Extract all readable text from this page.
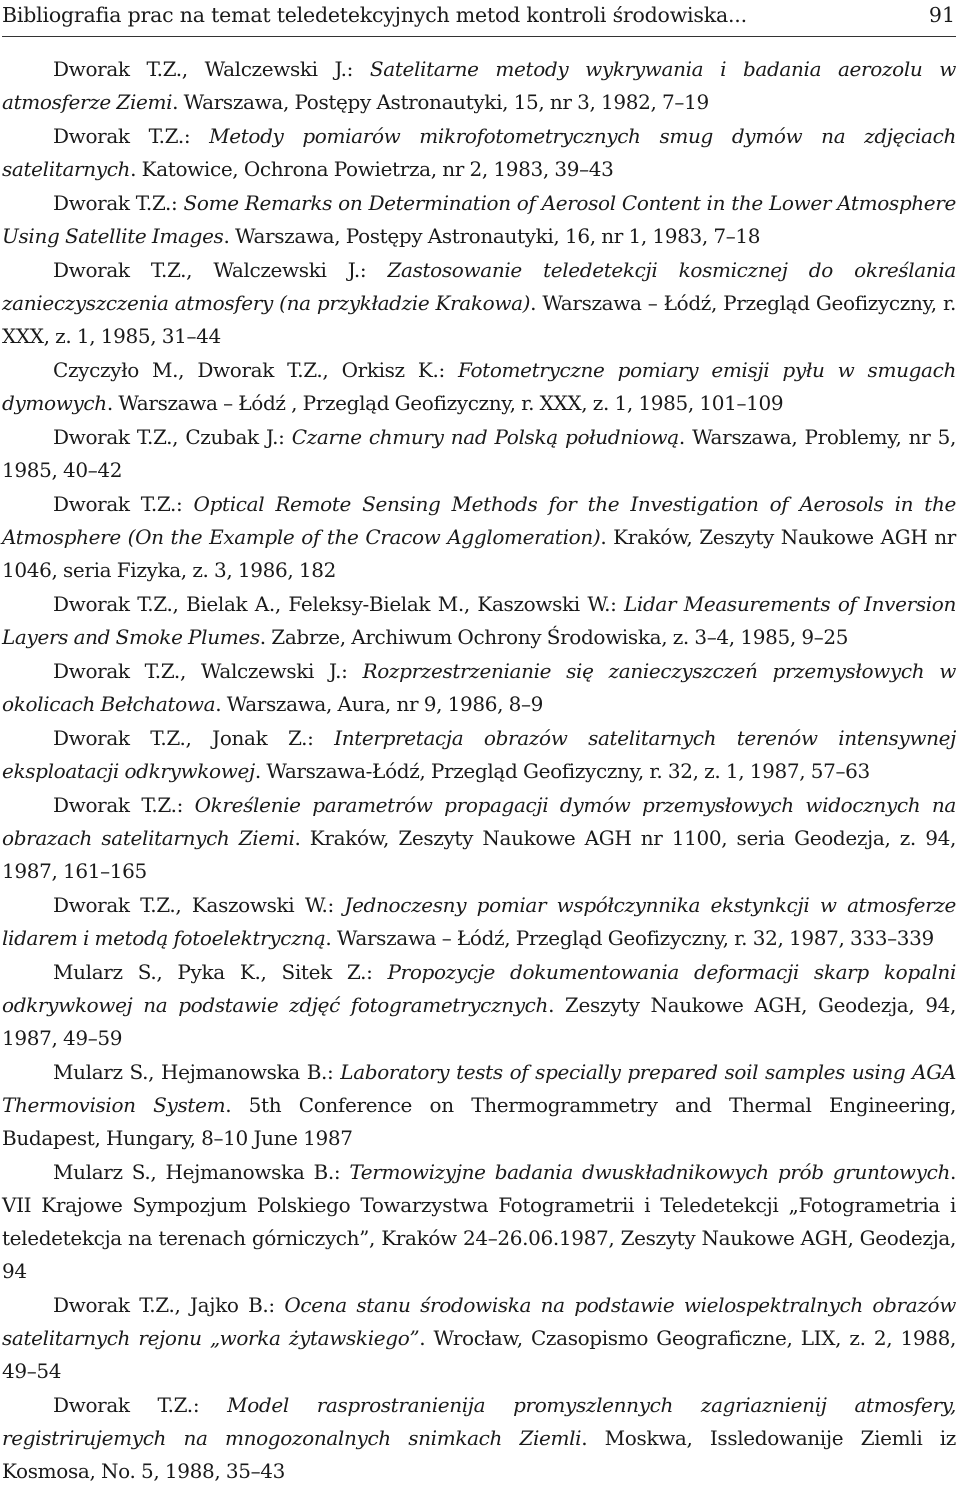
Bibliografia prac na temat teledetekcyjnych metod kontroli środowiska...	91

Dworak T.Z., Walczewski J.: Satelitarne metody wykrywania i badania aerozolu w atmosferze Ziemi. Warszawa, Postępy Astronautyki, 15, nr 3, 1982, 7–19

Dworak T.Z.: Metody pomiarów mikrofotometrycznych smug dymów na zdjęciach satelitarnych. Katowice, Ochrona Powietrza, nr 2, 1983, 39–43

Dworak T.Z.: Some Remarks on Determination of Aerosol Content in the Lower Atmosphere Using Satellite Images. Warszawa, Postępy Astronautyki, 16, nr 1, 1983, 7–18

Dworak T.Z., Walczewski J.: Zastosowanie teledetekcji kosmicznej do określania zanieczyszczenia atmosfery (na przykładzie Krakowa). Warszawa – Łódź, Przegląd Geofizyczny, r. XXX, z. 1, 1985, 31–44

Czyczyło M., Dworak T.Z., Orkisz K.: Fotometryczne pomiary emisji pyłu w smugach dymowych. Warszawa – Łódź , Przegląd Geofizyczny, r. XXX, z. 1, 1985, 101–109

Dworak T.Z., Czubak J.: Czarne chmury nad Polską południową. Warszawa, Problemy, nr 5, 1985, 40–42

Dworak T.Z.: Optical Remote Sensing Methods for the Investigation of Aerosols in the Atmosphere (On the Example of the Cracow Agglomeration). Kraków, Zeszyty Naukowe AGH nr 1046, seria Fizyka, z. 3, 1986, 182

Dworak T.Z., Bielak A., Feleksy-Bielak M., Kaszowski W.: Lidar Measurements of Inversion Layers and Smoke Plumes. Zabrze, Archiwum Ochrony Środowiska, z. 3–4, 1985, 9–25

Dworak T.Z., Walczewski J.: Rozprzestrzenianie się zanieczyszczeń przemysłowych w okolicach Bełchatowa. Warszawa, Aura, nr 9, 1986, 8–9

Dworak T.Z., Jonak Z.: Interpretacja obrazów satelitarnych terenów intensywnej eksploatacji odkrywkowej. Warszawa-Łódź, Przegląd Geofizyczny, r. 32, z. 1, 1987, 57–63

Dworak T.Z.: Określenie parametrów propagacji dymów przemysłowych widocznych na obrazach satelitarnych Ziemi. Kraków, Zeszyty Naukowe AGH nr 1100, seria Geodezja, z. 94, 1987, 161–165

Dworak T.Z., Kaszowski W.: Jednoczesny pomiar współczynnika ekstynkcji w atmosferze lidarem i metodą fotoelektryczną. Warszawa – Łódź, Przegląd Geofizyczny, r. 32, 1987, 333–339

Mularz S., Pyka K., Sitek Z.: Propozycje dokumentowania deformacji skarp kopalni odkrywkowej na podstawie zdjęć fotogrametrycznych. Zeszyty Naukowe AGH, Geodezja, 94, 1987, 49–59

Mularz S., Hejmanowska B.: Laboratory tests of specially prepared soil samples using AGA Thermovision System. 5th Conference on Thermogrammetry and Thermal Engineering, Budapest, Hungary, 8–10 June 1987

Mularz S., Hejmanowska B.: Termowizyjne badania dwuskładnikowych prób gruntowych. VII Krajowe Sympozjum Polskiego Towarzystwa Fotogrametrii i Teledetekcji „Fotogrametria i teledetekcja na terenach górniczych”, Kraków 24–26.06.1987, Zeszyty Naukowe AGH, Geodezja, 94

Dworak T.Z., Jajko B.: Ocena stanu środowiska na podstawie wielospektralnych obrazów satelitarnych rejonu „worka żytawskiego”. Wrocław, Czasopismo Geograficzne, LIX, z. 2, 1988, 49–54

Dworak T.Z.: Model rasprostranienija promyszlennych zagriaznienij atmosfery, registrirujemych na mnogozonalnych snimkach Ziemli. Moskwa, Issledowanije Ziemli iz Kosmosa, No. 5, 1988, 35–43
